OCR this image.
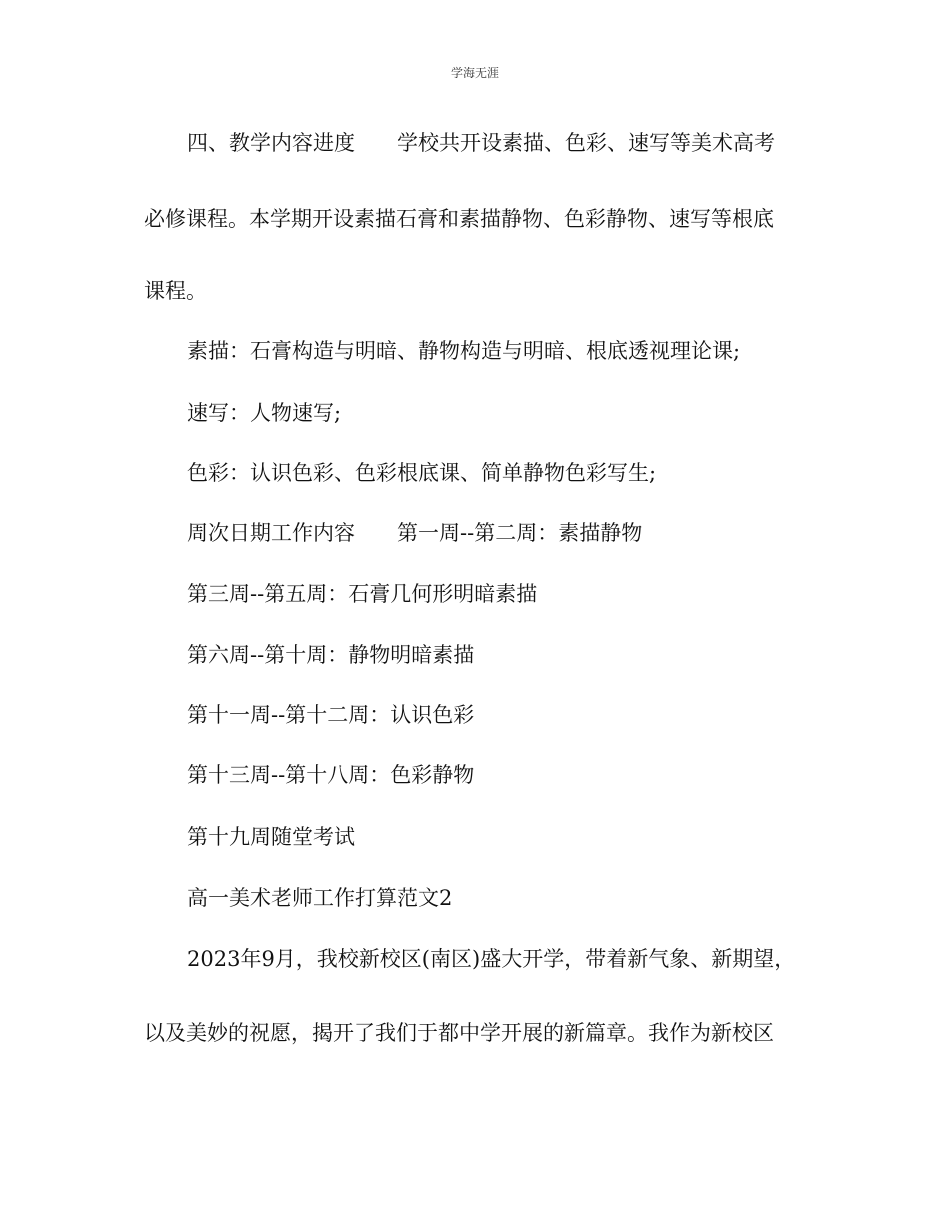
学海无涯
四、教学内容进度 学校共开设素描、色彩、速写等美术高考
必修课程。本学期开设素描石膏和素描静物、色彩静物、速写等根底
课程。
素描：石膏构造与明暗、静物构造与明暗、根底透视理论课;
速写：人物速写;
色彩：认识色彩、色彩根底课、简单静物色彩写生;
周次日期工作内容 第一周--第二周：素描静物
第三周--第五周：石膏几何形明暗素描
第六周--第十周：静物明暗素描
第十一周--第十二周：认识色彩
第十三周--第十八周：色彩静物
第十九周随堂考试
高一美术老师工作打算范文2
2023年9月，我校新校区(南区)盛大开学，带着新气象、新期望，
以及美妙的祝愿，揭开了我们于都中学开展的新篇章。我作为新校区
